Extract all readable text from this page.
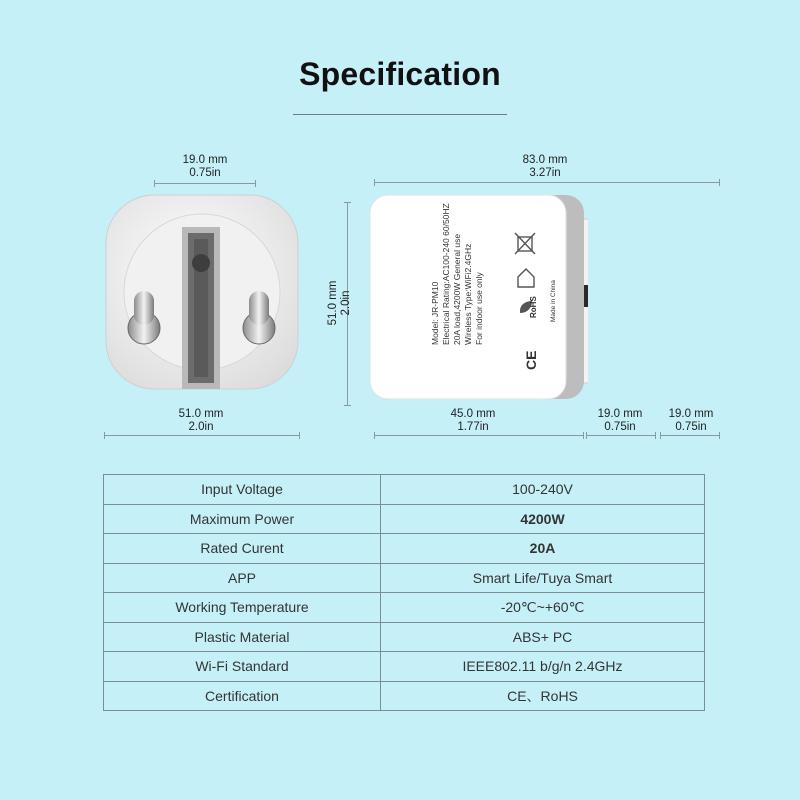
Specification
19.0 mm
0.75in
51.0 mm
2.0in
51.0 mm 2.0in
83.0 mm
3.27in
45.0 mm
1.77in
19.0 mm
0.75in
19.0 mm
0.75in
Model: JR-PM10 Electrical Rating:AC100-240 60/50HZ 20A load,4200W General use Wireless Type:WiFi2.4GHz For indoor use only
CE
RoHS	Made in China
Input Voltage	100-240V
Maximum Power	4200W
Rated Curent	20A
APP	Smart Life/Tuya Smart
Working Temperature	-20℃~+60℃
Plastic Material	ABS+ PC
Wi-Fi Standard	IEEE802.11 b/g/n 2.4GHz
Certification	CE、RoHS
